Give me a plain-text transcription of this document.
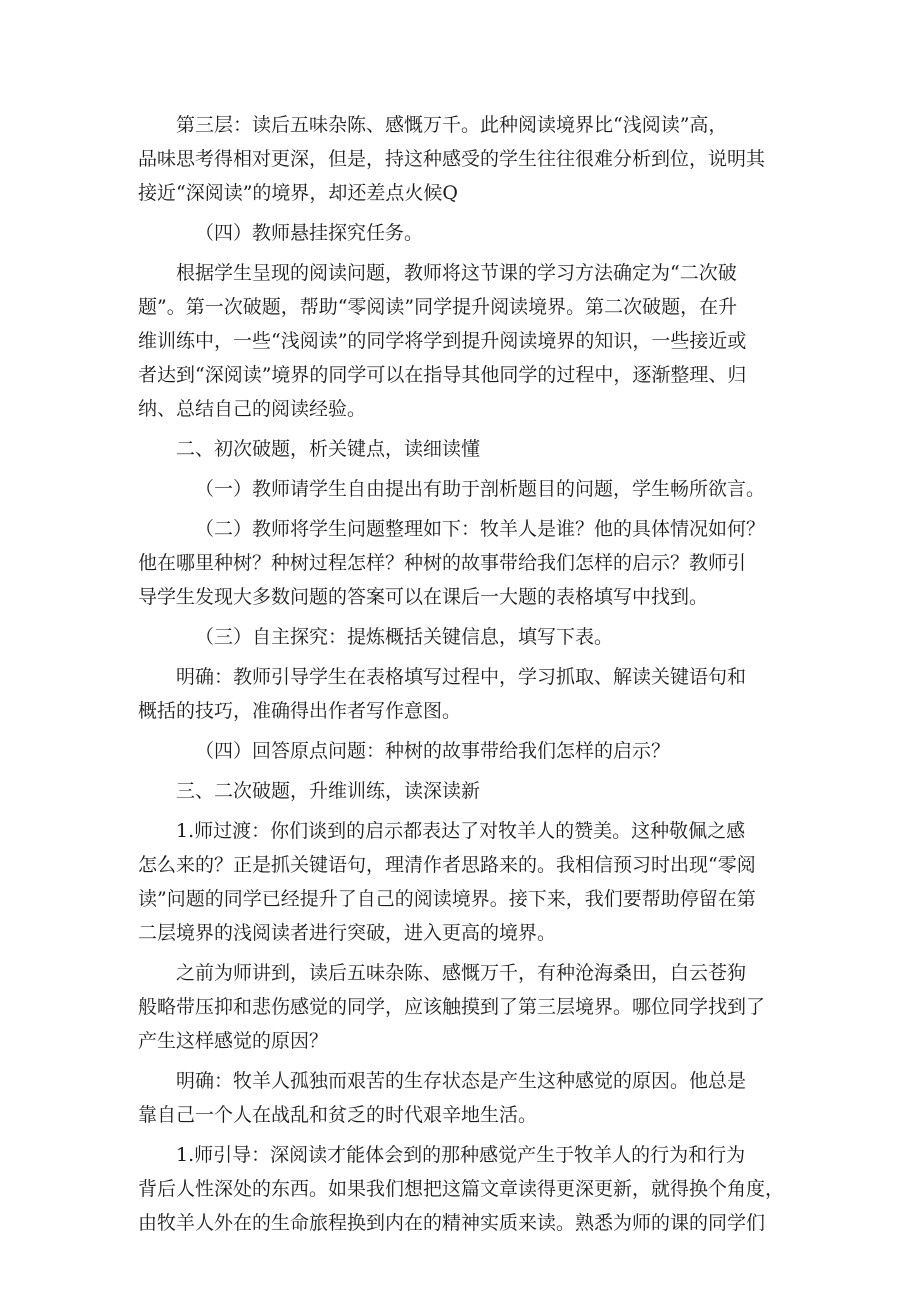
第三层：读后五味杂陈、感慨万千。此种阅读境界比“浅阅读”高，
品味思考得相对更深，但是，持这种感受的学生往往很难分析到位，说明其
接近“深阅读”的境界，却还差点火候Q

（四）教师悬挂探究任务。

根据学生呈现的阅读问题，教师将这节课的学习方法确定为“二次破
题”。第一次破题，帮助“零阅读”同学提升阅读境界。第二次破题，在升
维训练中，一些“浅阅读”的同学将学到提升阅读境界的知识，一些接近或
者达到“深阅读”境界的同学可以在指导其他同学的过程中，逐渐整理、归
纳、总结自己的阅读经验。

二、初次破题，析关键点，读细读懂

（一）教师请学生自由提出有助于剖析题目的问题，学生畅所欲言。

（二）教师将学生问题整理如下：牧羊人是谁？他的具体情况如何？
他在哪里种树？种树过程怎样？种树的故事带给我们怎样的启示？教师引
导学生发现大多数问题的答案可以在课后一大题的表格填写中找到。

（三）自主探究：提炼概括关键信息，填写下表。

明确：教师引导学生在表格填写过程中，学习抓取、解读关键语句和
概括的技巧，准确得出作者写作意图。

（四）回答原点问题：种树的故事带给我们怎样的启示？

三、二次破题，升维训练，读深读新

1.师过渡：你们谈到的启示都表达了对牧羊人的赞美。这种敬佩之感
怎么来的？正是抓关键语句，理清作者思路来的。我相信预习时出现“零阅
读”问题的同学已经提升了自己的阅读境界。接下来，我们要帮助停留在第
二层境界的浅阅读者进行突破，进入更高的境界。

之前为师讲到，读后五味杂陈、感慨万千，有种沧海桑田，白云苍狗
般略带压抑和悲伤感觉的同学，应该触摸到了第三层境界。哪位同学找到了
产生这样感觉的原因？

明确：牧羊人孤独而艰苦的生存状态是产生这种感觉的原因。他总是
靠自己一个人在战乱和贫乏的时代艰辛地生活。

1.师引导：深阅读才能体会到的那种感觉产生于牧羊人的行为和行为
背后人性深处的东西。如果我们想把这篇文章读得更深更新，就得换个角度，
由牧羊人外在的生命旅程换到内在的精神实质来读。熟悉为师的课的同学们
